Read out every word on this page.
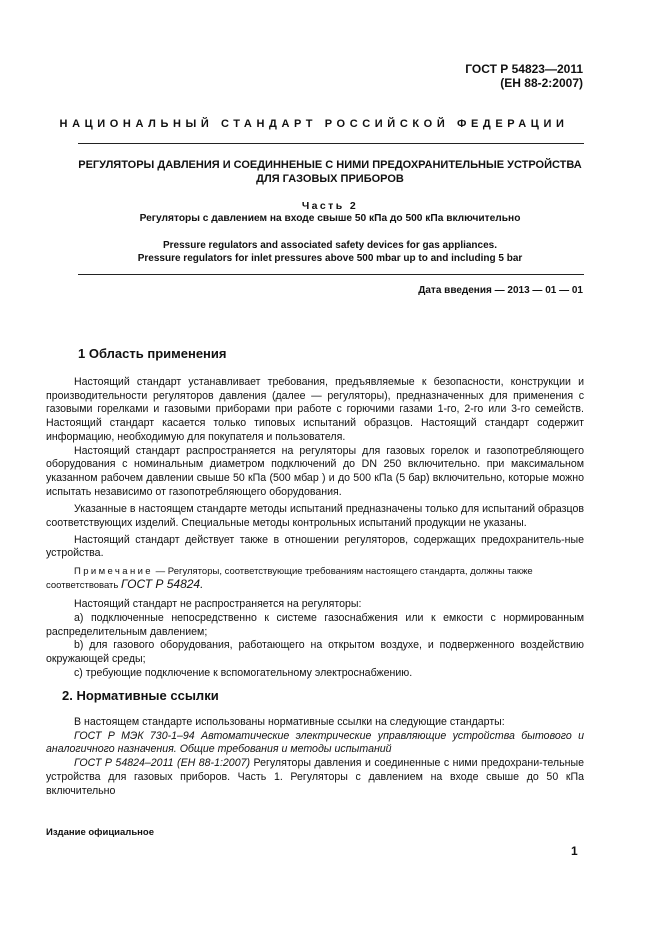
ГОСТ Р 54823—2011
(ЕН 88-2:2007)
НАЦИОНАЛЬНЫЙ СТАНДАРТ РОССИЙСКОЙ ФЕДЕРАЦИИ
РЕГУЛЯТОРЫ ДАВЛЕНИЯ И СОЕДИННЕНЫЕ С НИМИ ПРЕДОХРАНИТЕЛЬНЫЕ УСТРОЙСТВА
ДЛЯ ГАЗОВЫХ ПРИБОРОВ
Часть 2
Регуляторы с давлением на входе свыше 50 кПа до 500 кПа включительно
Pressure regulators and associated safety devices for gas appliances.
Pressure regulators for inlet pressures above 500 mbar up to and including 5 bar
Дата введения — 2013 — 01 — 01
1 Область применения
Настоящий стандарт устанавливает требования, предъявляемые к безопасности, конструкции и производительности регуляторов давления (далее — регуляторы), предназначенных для применения с газовыми горелками и газовыми приборами при работе с горючими газами 1-го, 2-го или 3-го семейств. Настоящий стандарт касается только типовых испытаний образцов. Настоящий стандарт содержит информацию, необходимую для покупателя и пользователя.
Настоящий стандарт распространяется на регуляторы для газовых горелок и газопотребляющего оборудования с номинальным диаметром подключений до DN 250 включительно. при максимальном указанном рабочем давлении свыше 50 кПа (500 мбар ) и до 500 кПа (5 бар) включительно, которые можно испытать независимо от газопотребляющего оборудования.
Указанные в настоящем стандарте методы испытаний предназначены только для испытаний образцов соответствующих изделий. Специальные методы контрольных испытаний продукции не указаны.
Настоящий стандарт действует также в отношении регуляторов, содержащих предохранитель-ные устройства.
Примечание — Регуляторы, соответствующие требованиям настоящего стандарта, должны также
соответствовать ГОСТ Р 54824.
Настоящий стандарт не распространяется на регуляторы:
а) подключенные непосредственно к системе газоснабжения или к емкости с нормированным распределительным давлением;
b) для газового оборудования, работающего на открытом воздухе, и подверженного воздействию окружающей среды;
с) требующие подключение к вспомогательному электроснабжению.
2. Нормативные ссылки
В настоящем стандарте использованы нормативные ссылки на следующие стандарты:
ГОСТ Р МЭК 730-1–94 Автоматические электрические управляющие устройства бытового и аналогичного назначения. Общие требования и методы испытаний
ГОСТ Р 54824–2011 (ЕН 88-1:2007) Регуляторы давления и соединенные с ними предохрани-тельные устройства для газовых приборов. Часть 1. Регуляторы с давлением на входе свыше до 50 кПа включительно
Издание официальное
1
